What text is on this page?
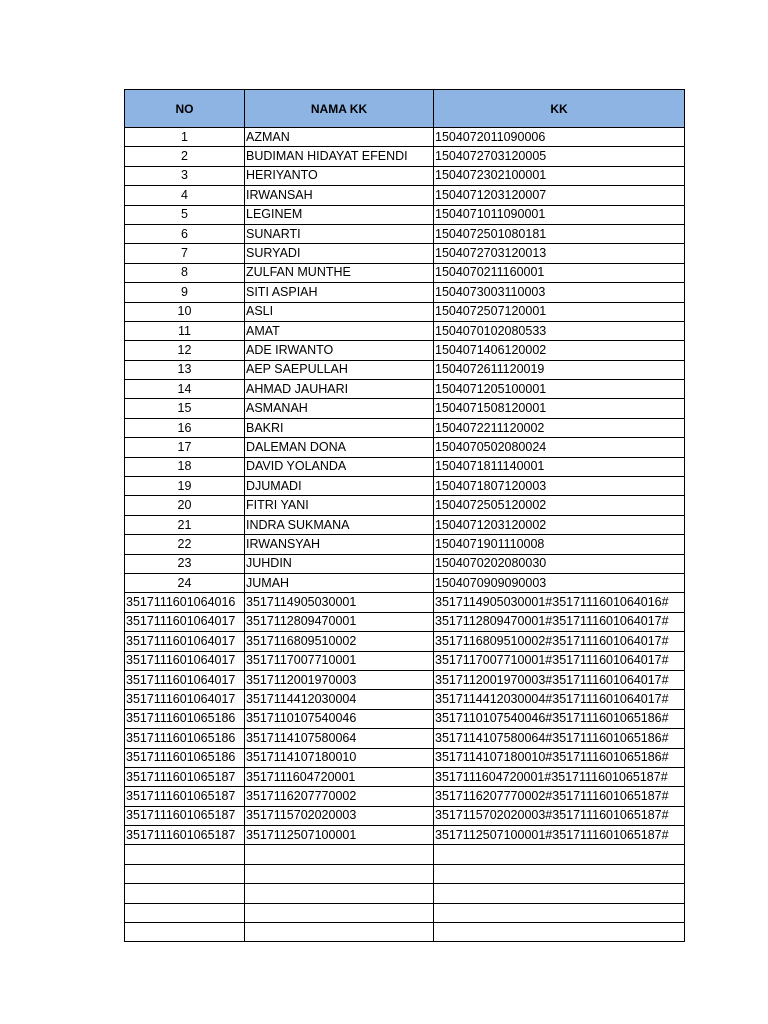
NO	NAMA KK	KK
1	AZMAN	1504072011090006
2	BUDIMAN HIDAYAT EFENDI	1504072703120005
3	HERIYANTO	1504072302100001
4	IRWANSAH	1504071203120007
5	LEGINEM	1504071011090001
6	SUNARTI	1504072501080181
7	SURYADI	1504072703120013
8	ZULFAN MUNTHE	1504070211160001
9	SITI ASPIAH	1504073003110003
10	ASLI	1504072507120001
11	AMAT	1504070102080533
12	ADE IRWANTO	1504071406120002
13	AEP SAEPULLAH	1504072611120019
14	AHMAD JAUHARI	1504071205100001
15	ASMANAH	1504071508120001
16	BAKRI	1504072211120002
17	DALEMAN DONA	1504070502080024
18	DAVID YOLANDA	1504071811140001
19	DJUMADI	1504071807120003
20	FITRI YANI	1504072505120002
21	INDRA SUKMANA	1504071203120002
22	IRWANSYAH	1504071901110008
23	JUHDIN	1504070202080030
24	JUMAH	1504070909090003
3517111601064016	3517114905030001	3517114905030001#3517111601064016#
3517111601064017	3517112809470001	3517112809470001#3517111601064017#
3517111601064017	3517116809510002	3517116809510002#3517111601064017#
3517111601064017	3517117007710001	3517117007710001#3517111601064017#
3517111601064017	3517112001970003	3517112001970003#3517111601064017#
3517111601064017	3517114412030004	3517114412030004#3517111601064017#
3517111601065186	3517110107540046	3517110107540046#3517111601065186#
3517111601065186	3517114107580064	3517114107580064#3517111601065186#
3517111601065186	3517114107180010	3517114107180010#3517111601065186#
3517111601065187	3517111604720001	3517111604720001#3517111601065187#
3517111601065187	3517116207770002	3517116207770002#3517111601065187#
3517111601065187	3517115702020003	3517115702020003#3517111601065187#
3517111601065187	3517112507100001	3517112507100001#3517111601065187#
